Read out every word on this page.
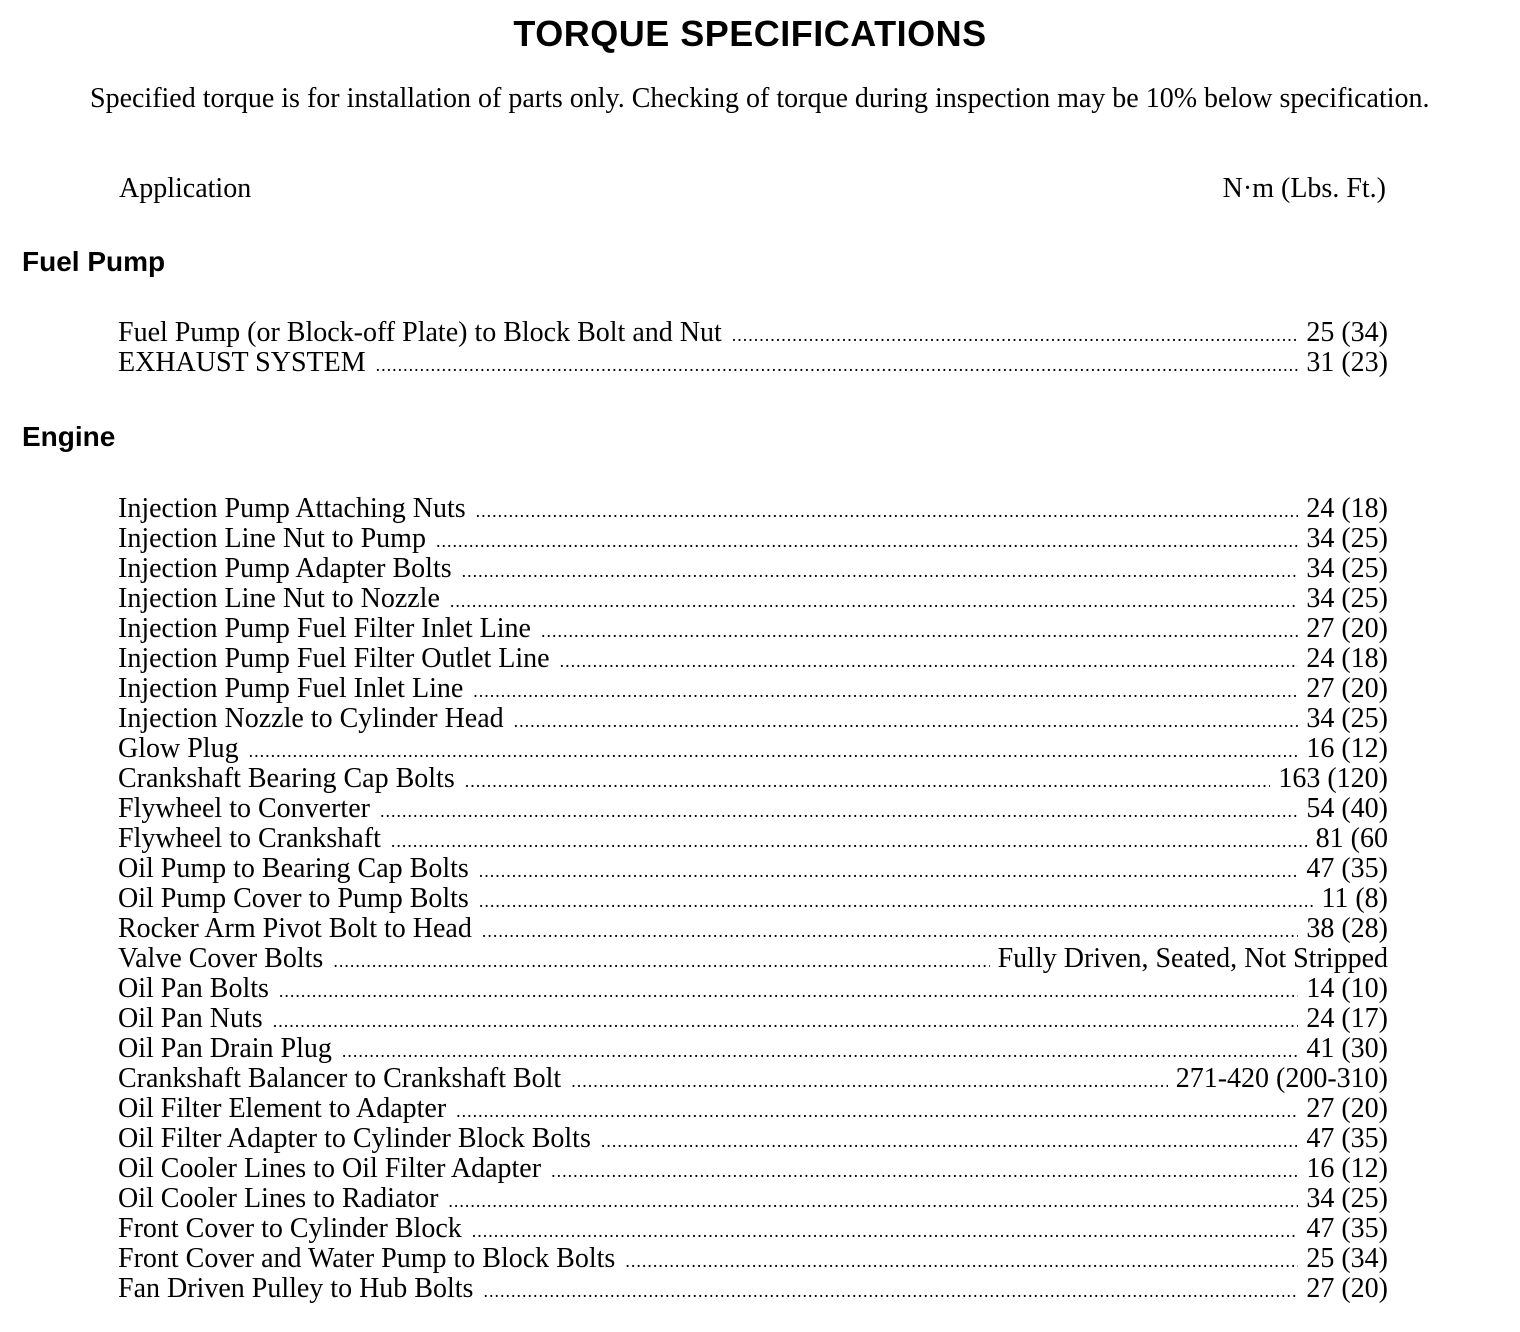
TORQUE SPECIFICATIONS
Specified torque is for installation of parts only. Checking of torque during inspection may be 10% below specification.
Application	N·m (Lbs. Ft.)
Fuel Pump
Fuel Pump (or Block-off Plate) to Block Bolt and Nut .....	25 (34)
EXHAUST SYSTEM .....	31 (23)
Engine
Injection Pump Attaching Nuts .....	24 (18)
Injection Line Nut to Pump .....	34 (25)
Injection Pump Adapter Bolts .....	34 (25)
Injection Line Nut to Nozzle .....	34 (25)
Injection Pump Fuel Filter Inlet Line .....	27 (20)
Injection Pump Fuel Filter Outlet Line .....	24 (18)
Injection Pump Fuel Inlet Line .....	27 (20)
Injection Nozzle to Cylinder Head .....	34 (25)
Glow Plug .....	16 (12)
Crankshaft Bearing Cap Bolts .....	163 (120)
Flywheel to Converter .....	54 (40)
Flywheel to Crankshaft .....	81 (60
Oil Pump to Bearing Cap Bolts .....	47 (35)
Oil Pump Cover to Pump Bolts .....	11 (8)
Rocker Arm Pivot Bolt to Head .....	38 (28)
Valve Cover Bolts .....	Fully Driven, Seated, Not Stripped
Oil Pan Bolts .....	14 (10)
Oil Pan Nuts .....	24 (17)
Oil Pan Drain Plug .....	41 (30)
Crankshaft Balancer to Crankshaft Bolt .....	271-420 (200-310)
Oil Filter Element to Adapter .....	27 (20)
Oil Filter Adapter to Cylinder Block Bolts .....	47 (35)
Oil Cooler Lines to Oil Filter Adapter .....	16 (12)
Oil Cooler Lines to Radiator .....	34 (25)
Front Cover to Cylinder Block .....	47 (35)
Front Cover and Water Pump to Block Bolts .....	25 (34)
Fan Driven Pulley to Hub Bolts .....	27 (20)
